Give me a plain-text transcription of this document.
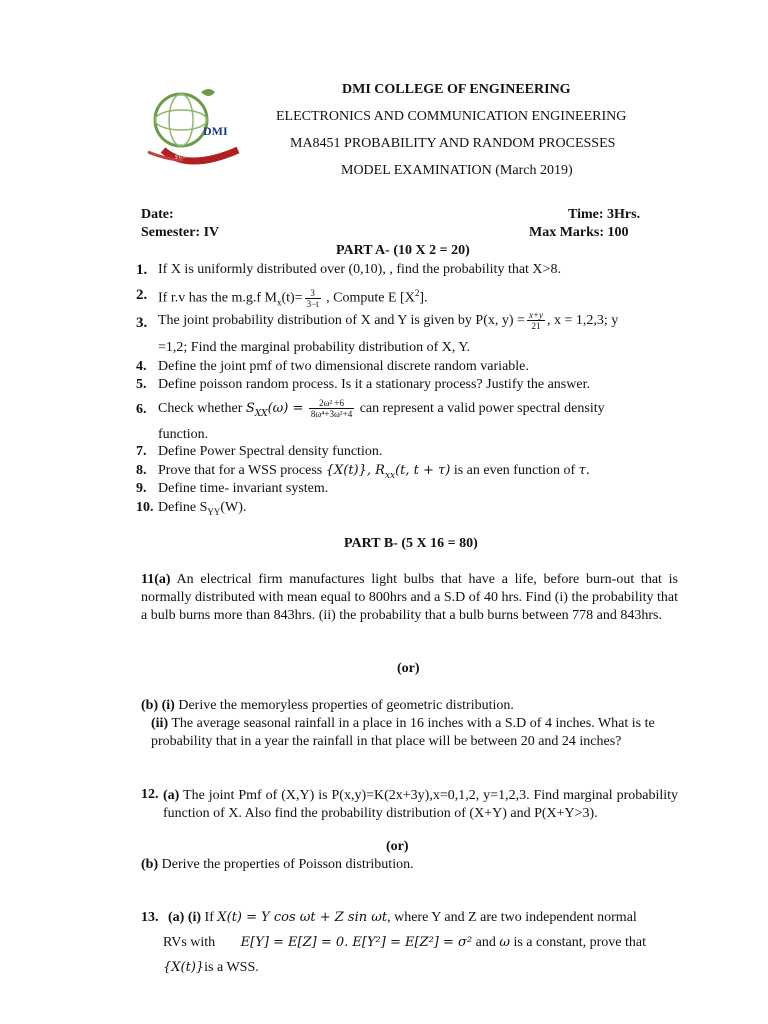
DMI
FULLY HUMAN
DMI COLLEGE OF ENGINEERING
ELECTRONICS AND COMMUNICATION ENGINEERING
MA8451 PROBABILITY AND RANDOM PROCESSES
MODEL EXAMINATION (March 2019)
Date:	Time: 3Hrs.
Semester: IV	Max Marks: 100
PART A- (10 X 2 = 20)
1. If X is uniformly distributed over (0,10), , find the probability that X>8.
2. If r.v has the m.g.f $M_x(t)= \frac{3}{3-t}$ , Compute E $[X^2]$.
3. The joint probability distribution of X and Y is given by P(x, $y) = \frac{x+y}{21}$ , x = 1,2,3; y
=1,2; Find the marginal probability distribution of X, Y.
4. Define the joint pmf of two dimensional discrete random variable.
5. Define poisson random process. Is it a stationary process? Justify the answer.
6. Check whether $S_{XX}(\omega) = \frac{\text{2ω² +6}}{\text{8ω⁴+3ω²+4}}$ can represent a valid power spectral density
function.
7. Define Power Spectral density function.
8. Prove that for a WSS process {X(t)}, $R_{xx}(t$, t + τ) is an even function of τ.
9. Define time- invariant system.
10. Define $S_{YY}(W)$.
PART B- (5 X 16 = 80)
11(a) An electrical firm manufactures light bulbs that have a life, before burn-out that is normally distributed with mean equal to 800hrs and a S.D of 40 hrs. Find (i) the probability that a bulb burns more than 843hrs. (ii) the probability that a bulb burns between 778 and 843hrs.
(or)
(b) (i) Derive the memoryless properties of geometric distribution.
(ii) The average seasonal rainfall in a place in 16 inches with a S.D of 4 inches. What is te probability that in a year the rainfall in that place will be between 20 and 24 inches?
12. (a) The joint Pmf of (X,Y) is P(x,y)=K(2x+3y),x=0,1,2, y=1,2,3. Find marginal probability function of X. Also find the probability distribution of (X+Y) and P(X+Y>3).
(or)
(b) Derive the properties of Poisson distribution.
13. (a) (i) If X(t) = Y cos ωt + Z sin ωt, where Y and Z are two independent normal
RVs with E[Y] = E[Z] = 0. E[Y²] = E[Z²] = σ² and ω is a constant, prove that
{X(t)}is a WSS.
